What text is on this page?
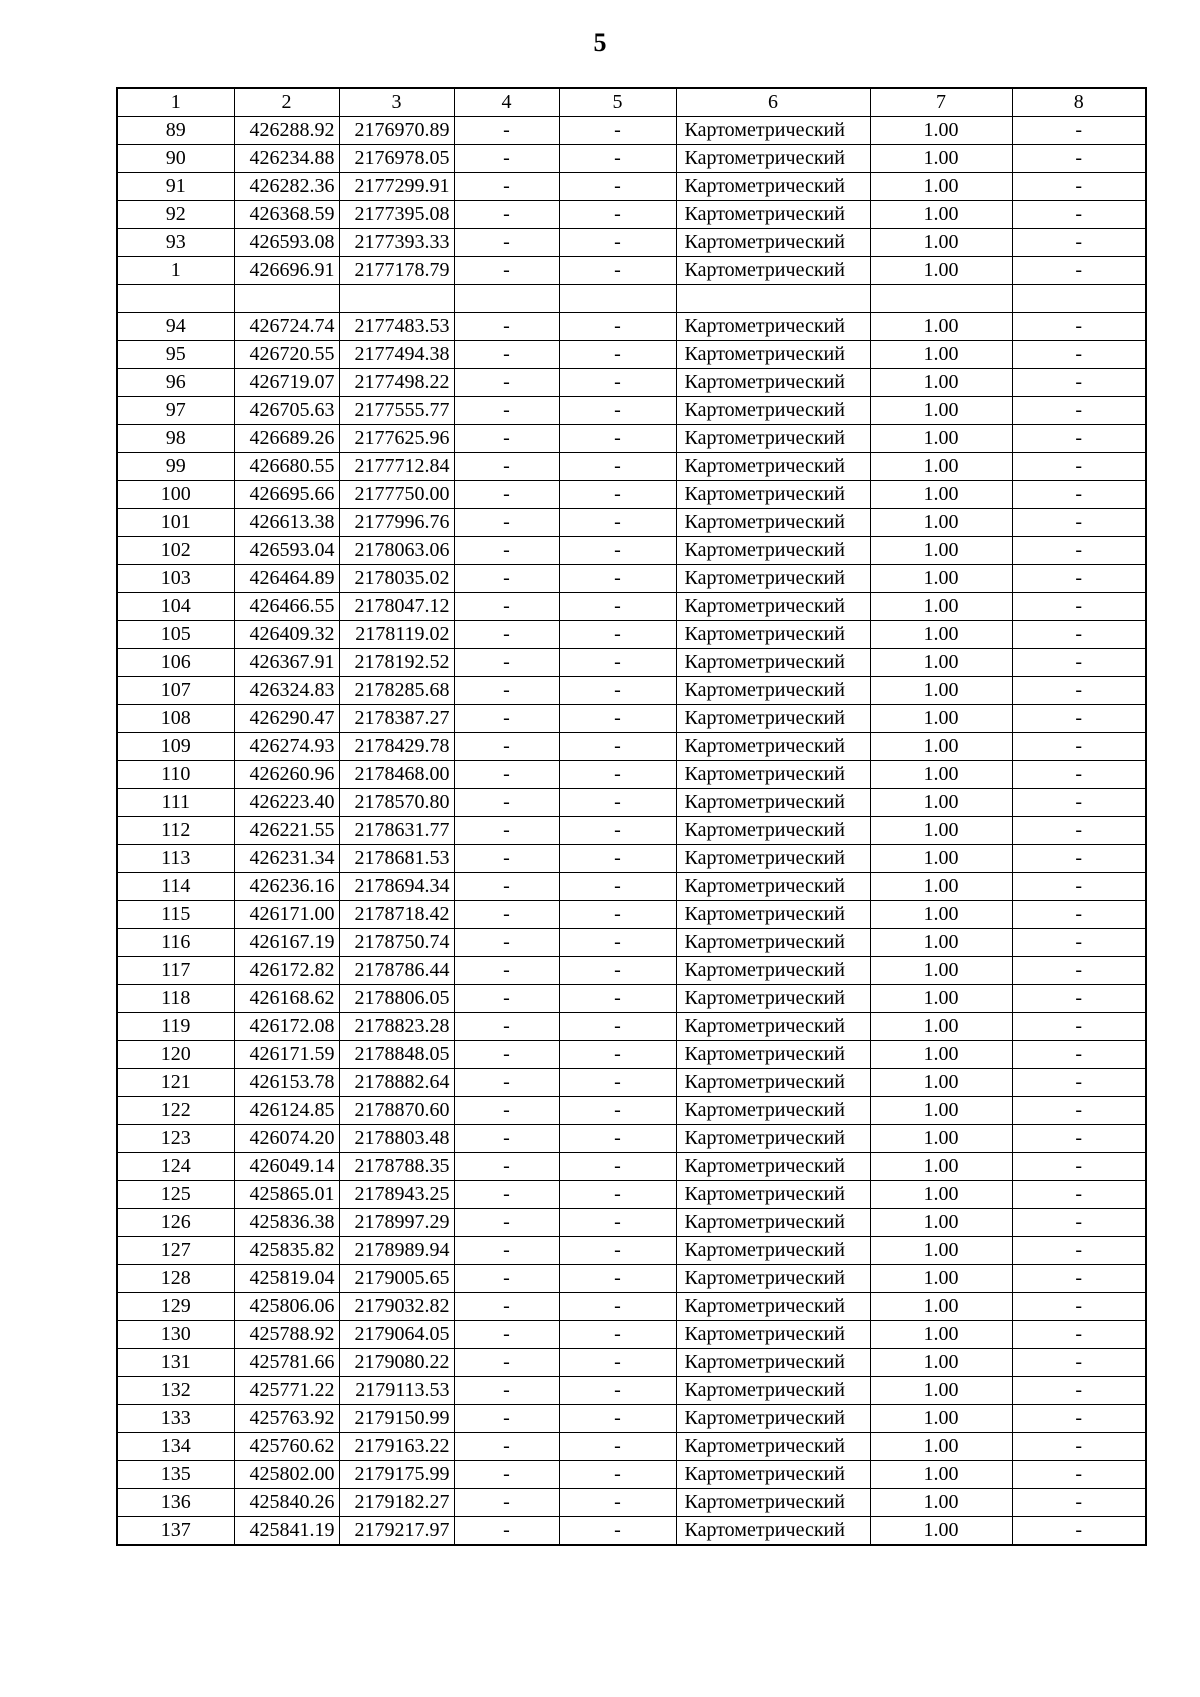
5
1	2	3	4	5	6	7	8
89	426288.92	2176970.89	-	-	Картометрический	1.00	-
90	426234.88	2176978.05	-	-	Картометрический	1.00	-
91	426282.36	2177299.91	-	-	Картометрический	1.00	-
92	426368.59	2177395.08	-	-	Картометрический	1.00	-
93	426593.08	2177393.33	-	-	Картометрический	1.00	-
1	426696.91	2177178.79	-	-	Картометрический	1.00	-

94	426724.74	2177483.53	-	-	Картометрический	1.00	-
95	426720.55	2177494.38	-	-	Картометрический	1.00	-
96	426719.07	2177498.22	-	-	Картометрический	1.00	-
97	426705.63	2177555.77	-	-	Картометрический	1.00	-
98	426689.26	2177625.96	-	-	Картометрический	1.00	-
99	426680.55	2177712.84	-	-	Картометрический	1.00	-
100	426695.66	2177750.00	-	-	Картометрический	1.00	-
101	426613.38	2177996.76	-	-	Картометрический	1.00	-
102	426593.04	2178063.06	-	-	Картометрический	1.00	-
103	426464.89	2178035.02	-	-	Картометрический	1.00	-
104	426466.55	2178047.12	-	-	Картометрический	1.00	-
105	426409.32	2178119.02	-	-	Картометрический	1.00	-
106	426367.91	2178192.52	-	-	Картометрический	1.00	-
107	426324.83	2178285.68	-	-	Картометрический	1.00	-
108	426290.47	2178387.27	-	-	Картометрический	1.00	-
109	426274.93	2178429.78	-	-	Картометрический	1.00	-
110	426260.96	2178468.00	-	-	Картометрический	1.00	-
111	426223.40	2178570.80	-	-	Картометрический	1.00	-
112	426221.55	2178631.77	-	-	Картометрический	1.00	-
113	426231.34	2178681.53	-	-	Картометрический	1.00	-
114	426236.16	2178694.34	-	-	Картометрический	1.00	-
115	426171.00	2178718.42	-	-	Картометрический	1.00	-
116	426167.19	2178750.74	-	-	Картометрический	1.00	-
117	426172.82	2178786.44	-	-	Картометрический	1.00	-
118	426168.62	2178806.05	-	-	Картометрический	1.00	-
119	426172.08	2178823.28	-	-	Картометрический	1.00	-
120	426171.59	2178848.05	-	-	Картометрический	1.00	-
121	426153.78	2178882.64	-	-	Картометрический	1.00	-
122	426124.85	2178870.60	-	-	Картометрический	1.00	-
123	426074.20	2178803.48	-	-	Картометрический	1.00	-
124	426049.14	2178788.35	-	-	Картометрический	1.00	-
125	425865.01	2178943.25	-	-	Картометрический	1.00	-
126	425836.38	2178997.29	-	-	Картометрический	1.00	-
127	425835.82	2178989.94	-	-	Картометрический	1.00	-
128	425819.04	2179005.65	-	-	Картометрический	1.00	-
129	425806.06	2179032.82	-	-	Картометрический	1.00	-
130	425788.92	2179064.05	-	-	Картометрический	1.00	-
131	425781.66	2179080.22	-	-	Картометрический	1.00	-
132	425771.22	2179113.53	-	-	Картометрический	1.00	-
133	425763.92	2179150.99	-	-	Картометрический	1.00	-
134	425760.62	2179163.22	-	-	Картометрический	1.00	-
135	425802.00	2179175.99	-	-	Картометрический	1.00	-
136	425840.26	2179182.27	-	-	Картометрический	1.00	-
137	425841.19	2179217.97	-	-	Картометрический	1.00	-
